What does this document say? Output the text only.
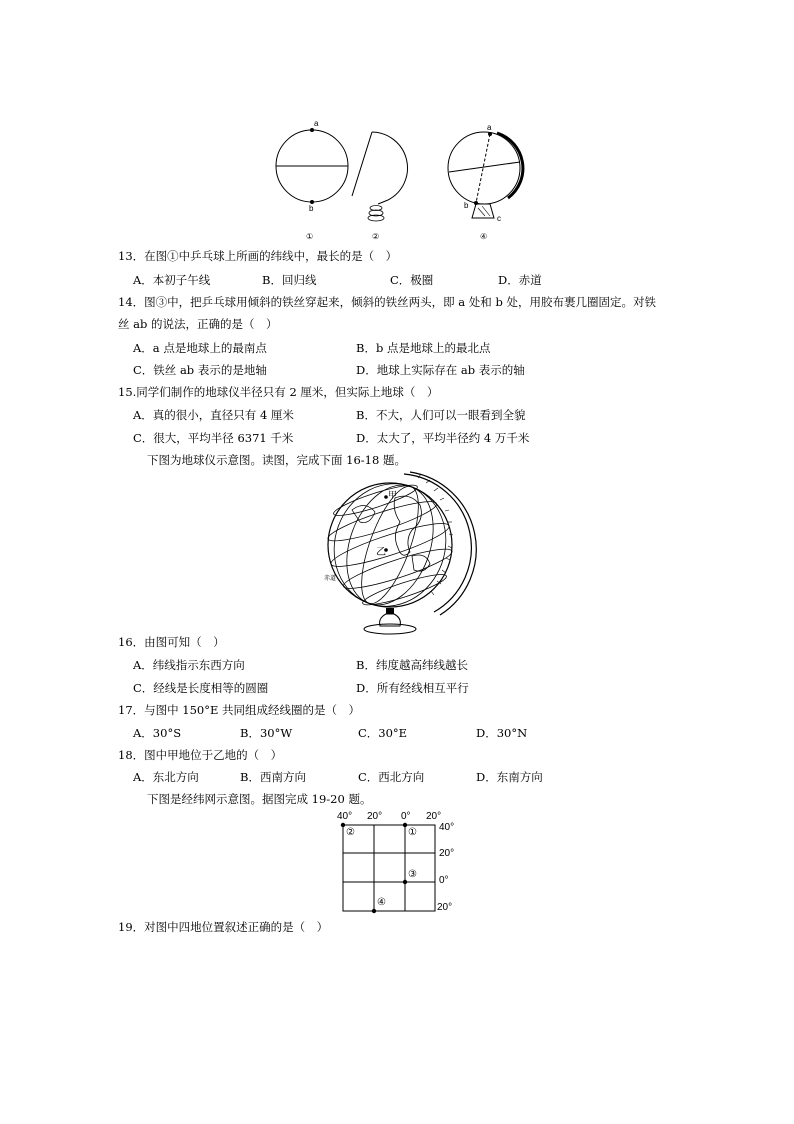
a
b
a
b
c
①	②	④
13．在图①中乒乓球上所画的纬线中，最长的是（　）
A．本初子午线	B．回归线	C．极圈	D．赤道
14．图③中，把乒乓球用倾斜的铁丝穿起来，倾斜的铁丝两头，即 a 处和 b 处，用胶布裹几圈固定。对铁
丝 ab 的说法，正确的是（　）
A．a 点是地球上的最南点	B．b 点是地球上的最北点
C．铁丝 ab 表示的是地轴	D．地球上实际存在 ab 表示的轴
15.同学们制作的地球仪半径只有 2 厘米，但实际上地球（　）
A．真的很小，直径只有 4 厘米	B．不大，人们可以一眼看到全貌
C．很大，平均半径 6371 千米	D．太大了，平均半径约 4 万千米
下图为地球仪示意图。读图，完成下面 16-18 题。
甲
乙
赤道
16．由图可知（　）
A．纬线指示东西方向	B．纬度越高纬线越长
C．经线是长度相等的圆圈	D．所有经线相互平行
17．与图中 150°E 共同组成经线圈的是（　）
A．30°S	B．30°W	C．30°E	D．30°N
18．图中甲地位于乙地的（　）
A．东北方向	B．西南方向	C．西北方向	D．东南方向
下图是经纬网示意图。据图完成 19-20 题。
40° 20° 0° 20°
40°
20°
0°
20°
②	①
③
④
19．对图中四地位置叙述正确的是（　）
